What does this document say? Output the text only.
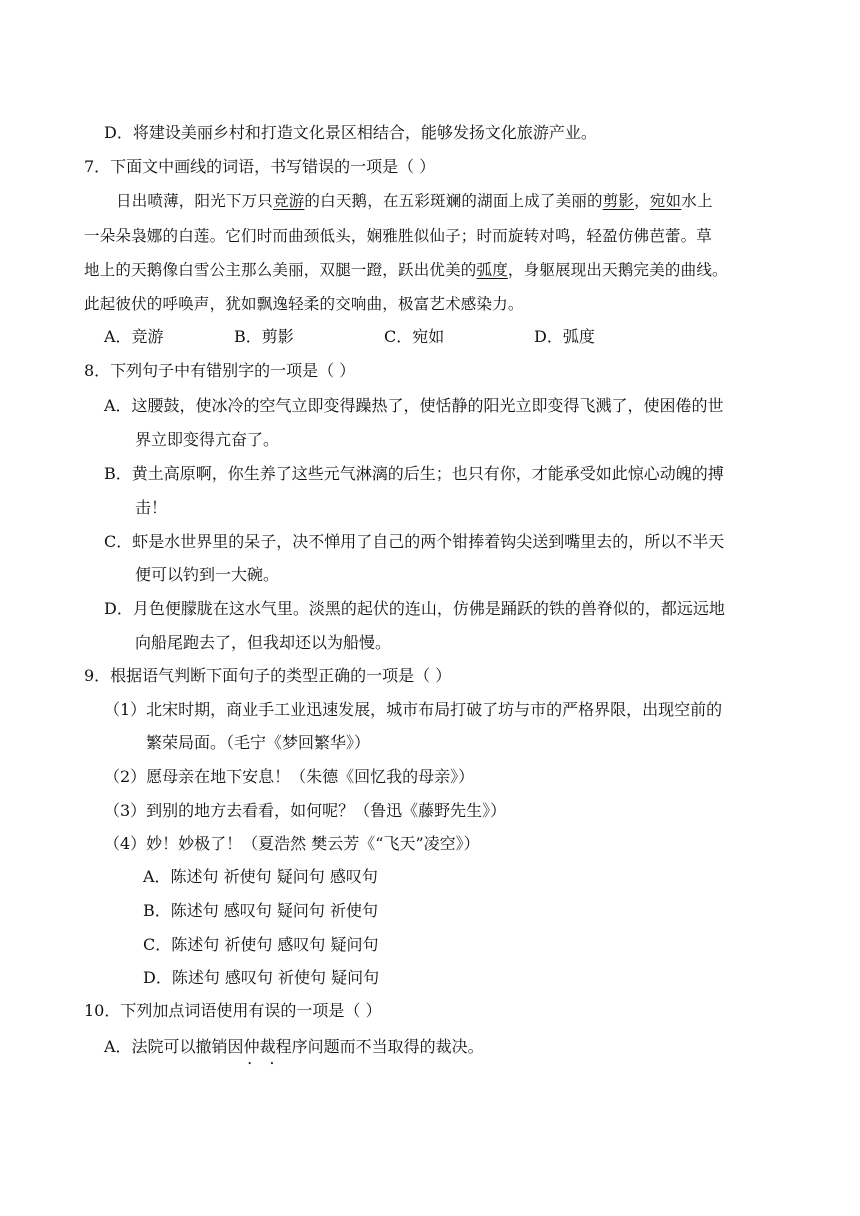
D．将建设美丽乡村和打造文化景区相结合，能够发扬文化旅游产业。
7．下面文中画线的词语，书写错误的一项是（ ）
日出喷薄，阳光下万只竞游的白天鹅，在五彩斑斓的湖面上成了美丽的剪影，宛如水上
一朵朵袅娜的白莲。它们时而曲颈低头，娴雅胜似仙子；时而旋转对鸣，轻盈仿佛芭蕾。草
地上的天鹅像白雪公主那么美丽，双腿一蹬，跃出优美的弧度，身躯展现出天鹅完美的曲线。
此起彼伏的呼唤声，犹如飘逸轻柔的交响曲，极富艺术感染力。
A．竞游	B．剪影	C．宛如	D．弧度
8．下列句子中有错别字的一项是（ ）
A．这腰鼓，使冰冷的空气立即变得躁热了，使恬静的阳光立即变得飞溅了，使困倦的世
界立即变得亢奋了。
B．黄土高原啊，你生养了这些元气淋漓的后生；也只有你，才能承受如此惊心动魄的搏
击！
C．虾是水世界里的呆子，决不惮用了自己的两个钳捧着钩尖送到嘴里去的，所以不半天
便可以钓到一大碗。
D．月色便朦胧在这水气里。淡黑的起伏的连山，仿佛是踊跃的铁的兽脊似的，都远远地
向船尾跑去了，但我却还以为船慢。
9．根据语气判断下面句子的类型正确的一项是（ ）
（1）北宋时期，商业手工业迅速发展，城市布局打破了坊与市的严格界限，出现空前的
繁荣局面。（毛宁《梦回繁华》）
（2）愿母亲在地下安息！（朱德《回忆我的母亲》）
（3）到别的地方去看看，如何呢？（鲁迅《藤野先生》）
（4）妙！妙极了！（夏浩然 樊云芳《“飞天”凌空》）
A．陈述句 祈使句 疑问句 感叹句
B．陈述句 感叹句 疑问句 祈使句
C．陈述句 祈使句 感叹句 疑问句
D．陈述句 感叹句 祈使句 疑问句
10．下列加点词语使用有误的一项是（ ）
A．法院可以撤销因仲裁 • •程序问题而不当取得的裁决。
